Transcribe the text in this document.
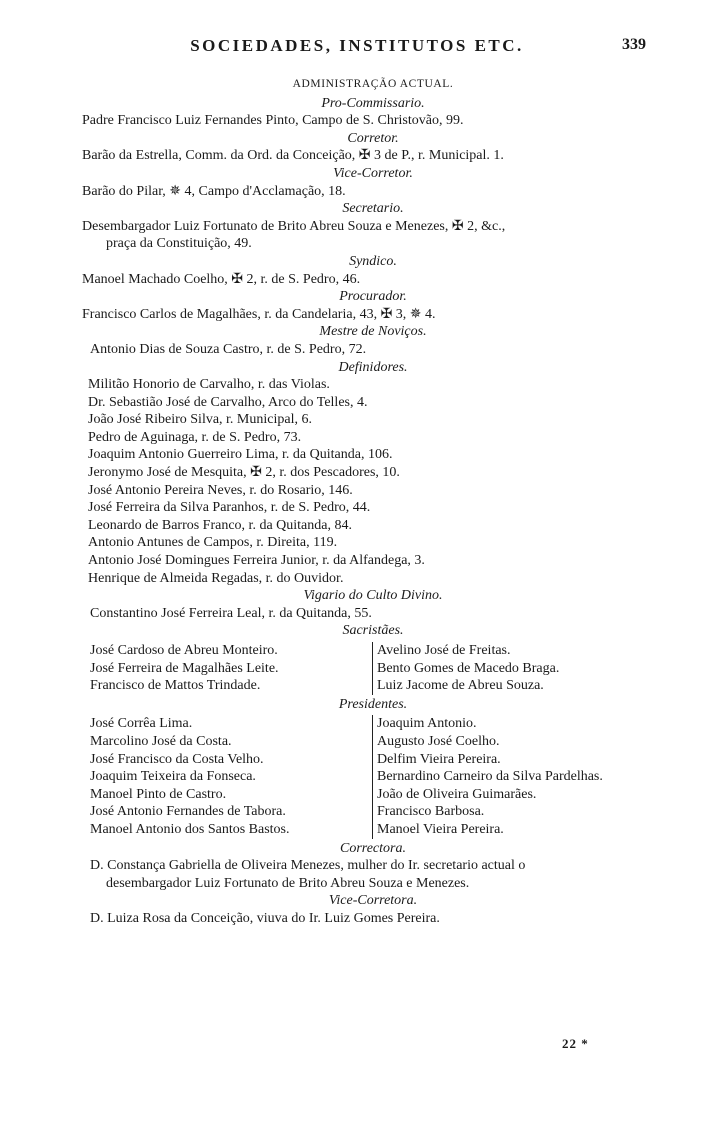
SOCIEDADES, INSTITUTOS ETC.	339
ADMINISTRAÇÃO ACTUAL.
Pro-Commissario.
Padre Francisco Luiz Fernandes Pinto, Campo de S. Christovão, 99.
Corretor.
Barão da Estrella, Comm. da Ord. da Conceição, ✠ 3 de P., r. Municipal. 1.
Vice-Corretor.
Barão do Pilar, ✵ 4, Campo d'Acclamação, 18.
Secretario.
Desembargador Luiz Fortunato de Brito Abreu Souza e Menezes, ✠ 2, &c.,
praça da Constituição, 49.
Syndico.
Manoel Machado Coelho, ✠ 2, r. de S. Pedro, 46.
Procurador.
Francisco Carlos de Magalhães, r. da Candelaria, 43, ✠ 3, ✵ 4.
Mestre de Noviços.
Antonio Dias de Souza Castro, r. de S. Pedro, 72.
Definidores.
Militão Honorio de Carvalho, r. das Violas.
Dr. Sebastião José de Carvalho, Arco do Telles, 4.
João José Ribeiro Silva, r. Municipal, 6.
Pedro de Aguinaga, r. de S. Pedro, 73.
Joaquim Antonio Guerreiro Lima, r. da Quitanda, 106.
Jeronymo José de Mesquita, ✠ 2, r. dos Pescadores, 10.
José Antonio Pereira Neves, r. do Rosario, 146.
José Ferreira da Silva Paranhos, r. de S. Pedro, 44.
Leonardo de Barros Franco, r. da Quitanda, 84.
Antonio Antunes de Campos, r. Direita, 119.
Antonio José Domingues Ferreira Junior, r. da Alfandega, 3.
Henrique de Almeida Regadas, r. do Ouvidor.
Vigario do Culto Divino.
Constantino José Ferreira Leal, r. da Quitanda, 55.
Sacristães.
José Cardoso de Abreu Monteiro.
José Ferreira de Magalhães Leite.
Francisco de Mattos Trindade.
Avelino José de Freitas.
Bento Gomes de Macedo Braga.
Luiz Jacome de Abreu Souza.
Presidentes.
José Corrêa Lima.
Marcolino José da Costa.
José Francisco da Costa Velho.
Joaquim Teixeira da Fonseca.
Manoel Pinto de Castro.
José Antonio Fernandes de Tabora.
Manoel Antonio dos Santos Bastos.
Joaquim Antonio.
Augusto José Coelho.
Delfim Vieira Pereira.
Bernardino Carneiro da Silva Pardelhas.
João de Oliveira Guimarães.
Francisco Barbosa.
Manoel Vieira Pereira.
Correctora.
D. Constança Gabriella de Oliveira Menezes, mulher do Ir. secretario actual o
desembargador Luiz Fortunato de Brito Abreu Souza e Menezes.
Vice-Corretora.
D. Luiza Rosa da Conceição, viuva do Ir. Luiz Gomes Pereira.
22 *
